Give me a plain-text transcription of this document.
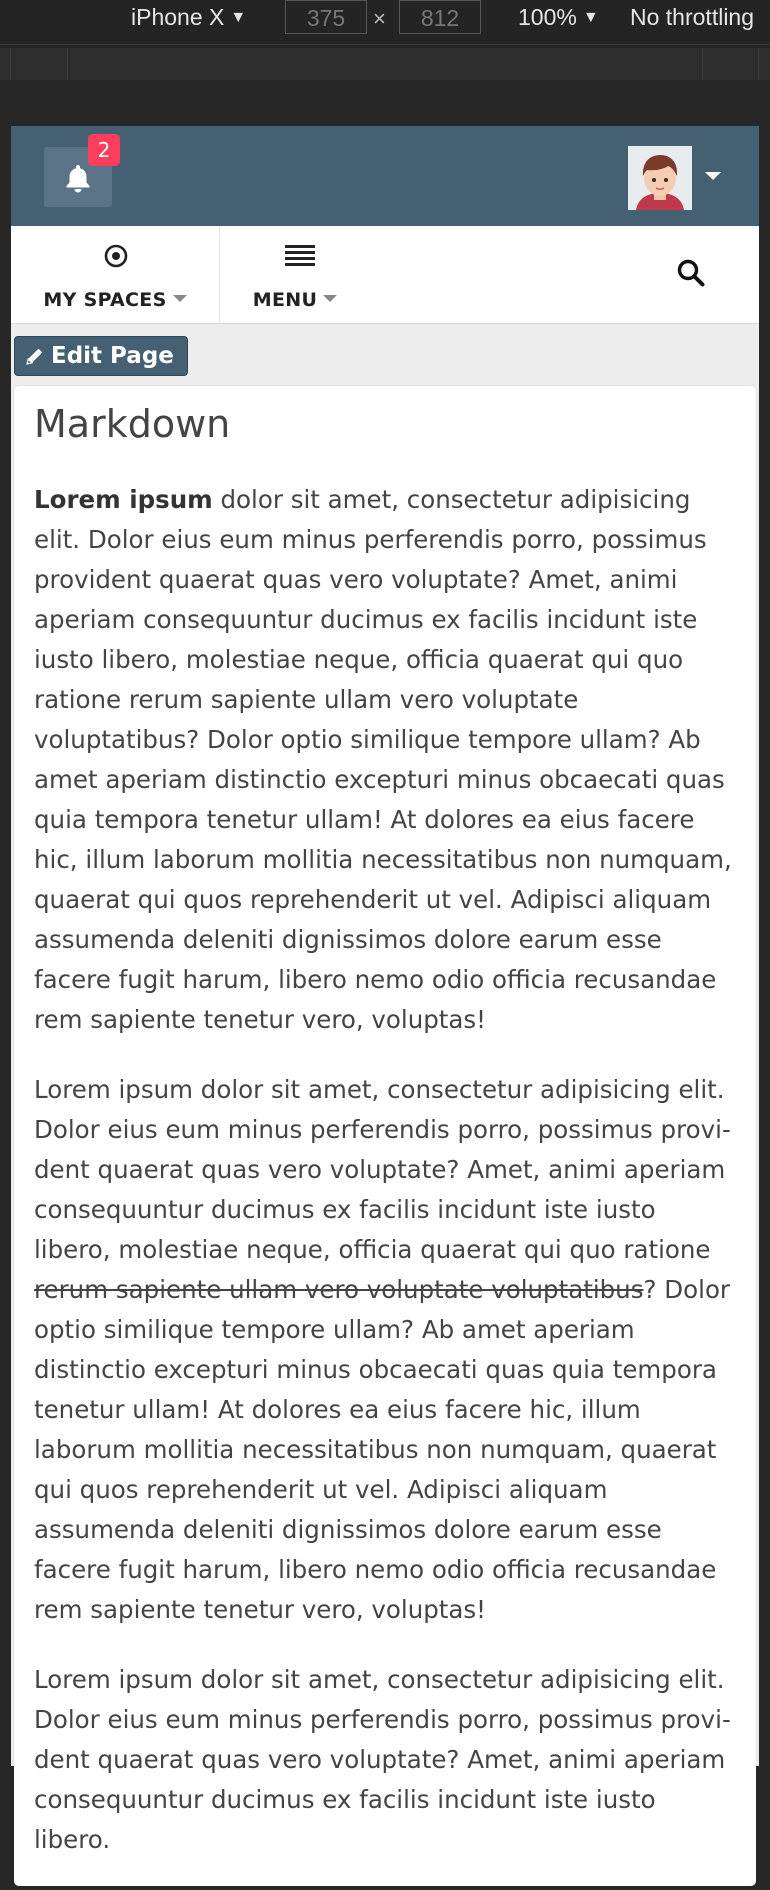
iPhone X ▼	375	×	812	100% ▼ No throttling
2
MY SPACES	MENU
Edit Page
Markdown

Lorem ipsum dolor sit amet, consectetur adipisicing elit. Dolor eius eum minus perferendis porro, possimus provident quaerat quas vero voluptate? Amet, animi aperiam consequuntur ducimus ex facilis incidunt iste iusto libero, molestiae neque, officia quaerat qui quo ratione rerum sapiente ullam vero voluptate voluptatibus? Dolor optio similique tempore ullam? Ab amet aperiam distinctio excepturi minus obcaecati quas quia tempora tenetur ullam! At dolores ea eius facere hic, illum laborum mollitia necessitatibus non numquam, quaerat qui quos reprehenderit ut vel. Adipisci aliquam assumenda deleniti dignissimos dolore earum esse facere fugit harum, libero nemo odio officia recusandae rem sapiente tenetur vero, voluptas!

Lorem ipsum dolor sit amet, consectetur adipisicing elit. Dolor eius eum minus perferendis porro, possimus provident quaerat quas vero voluptate? Amet, animi aperiam consequuntur ducimus ex facilis incidunt iste iusto libero, molestiae neque, officia quaerat qui quo ratione rerum sapiente ullam vero voluptate voluptatibus? Dolor optio similique tempore ullam? Ab amet aperiam distinctio excepturi minus obcaecati quas quia tempora tenetur ullam! At dolores ea eius facere hic, illum laborum mollitia necessitatibus non numquam, quaerat qui quos reprehenderit ut vel. Adipisci aliquam assumenda deleniti dignissimos dolore earum esse facere fugit harum, libero nemo odio officia recusandae rem sapiente tenetur vero, voluptas!

Lorem ipsum dolor sit amet, consectetur adipisicing elit. Dolor eius eum minus perferendis porro, possimus provident quaerat quas vero voluptate? Amet, animi aperiam consequuntur ducimus ex facilis incidunt iste iusto libero.
